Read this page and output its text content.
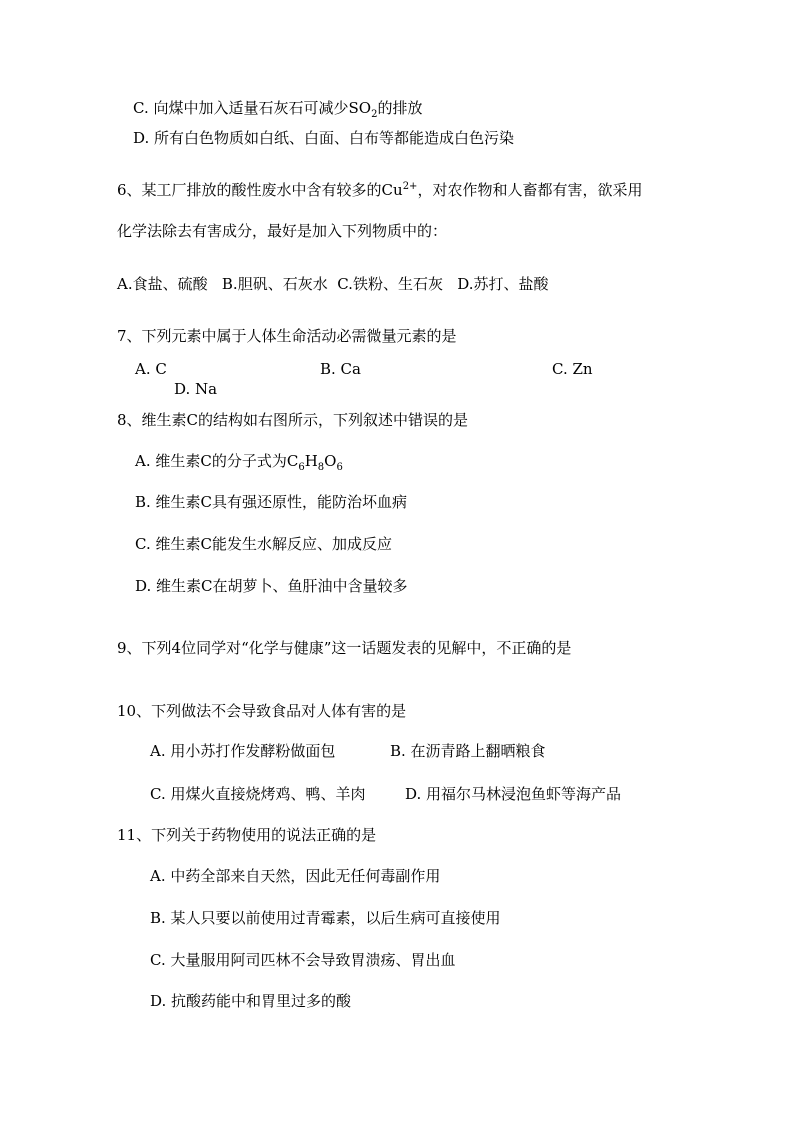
C. 向煤中加入适量石灰石可减少$SO_2$的排放
D. 所有白色物质如白纸、白面、白布等都能造成白色污染
6、某工厂排放的酸性废水中含有较多的$Cu^{2+}$，对农作物和人畜都有害，欲采用
化学法除去有害成分，最好是加入下列物质中的：
A.食盐、硫酸   B.胆矾、石灰水  C.铁粉、生石灰   D.苏打、盐酸
7、下列元素中属于人体生命活动必需微量元素的是
A. C	B. Ca	C. Zn
D. Na
8、维生素C的结构如右图所示，下列叙述中错误的是
A. 维生素C的分子式为$C_6H_8O_6$
B. 维生素C具有强还原性，能防治坏血病
C. 维生素C能发生水解反应、加成反应
D. 维生素C在胡萝卜、鱼肝油中含量较多
9、下列4位同学对“化学与健康”这一话题发表的见解中，不正确的是
10、下列做法不会导致食品对人体有害的是
A. 用小苏打作发酵粉做面包	B. 在沥青路上翻晒粮食
C. 用煤火直接烧烤鸡、鸭、羊肉	D. 用福尔马林浸泡鱼虾等海产品
11、下列关于药物使用的说法正确的是
A. 中药全部来自天然，因此无任何毒副作用
B. 某人只要以前使用过青霉素，以后生病可直接使用
C. 大量服用阿司匹林不会导致胃溃疡、胃出血
D. 抗酸药能中和胃里过多的酸
